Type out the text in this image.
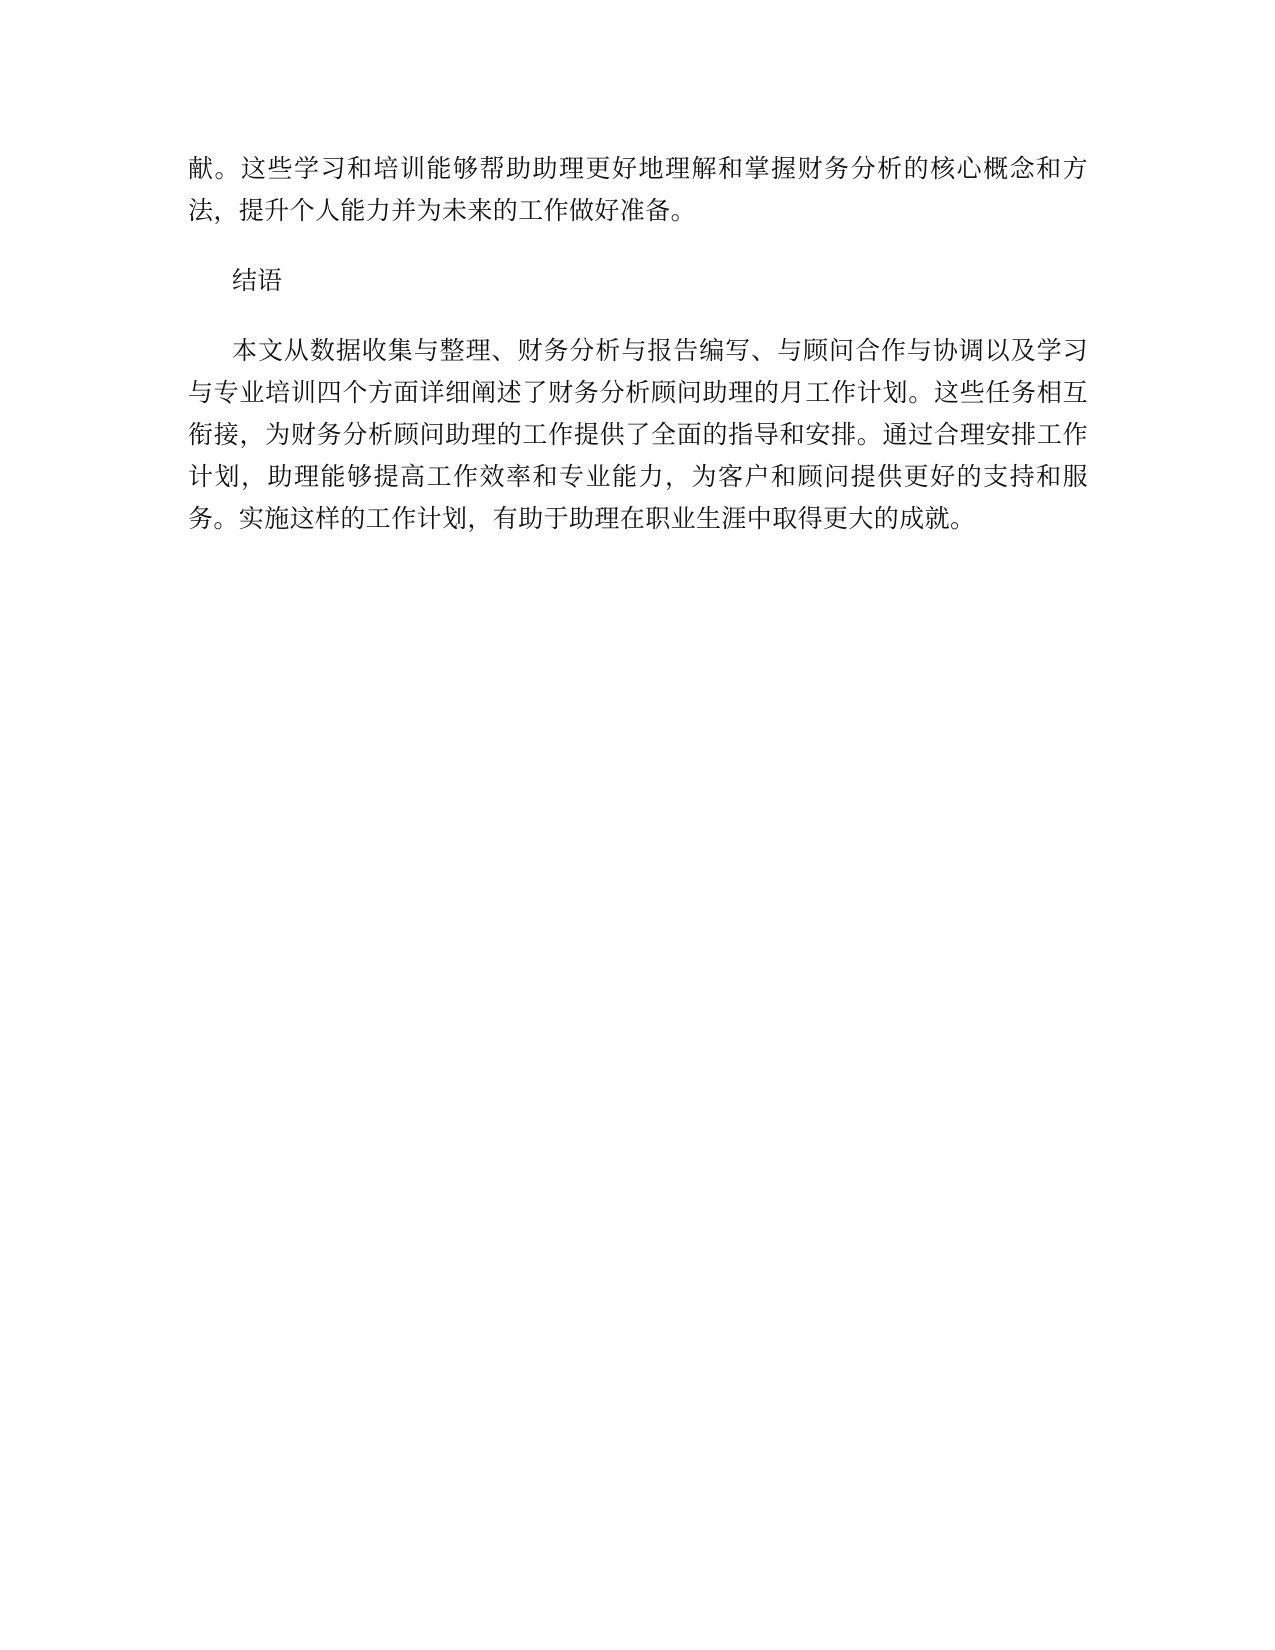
献。这些学习和培训能够帮助助理更好地理解和掌握财务分析的核心概念和方法，提升个人能力并为未来的工作做好准备。

结语

本文从数据收集与整理、财务分析与报告编写、与顾问合作与协调以及学习与专业培训四个方面详细阐述了财务分析顾问助理的月工作计划。这些任务相互衔接，为财务分析顾问助理的工作提供了全面的指导和安排。通过合理安排工作计划，助理能够提高工作效率和专业能力，为客户和顾问提供更好的支持和服务。实施这样的工作计划，有助于助理在职业生涯中取得更大的成就。
